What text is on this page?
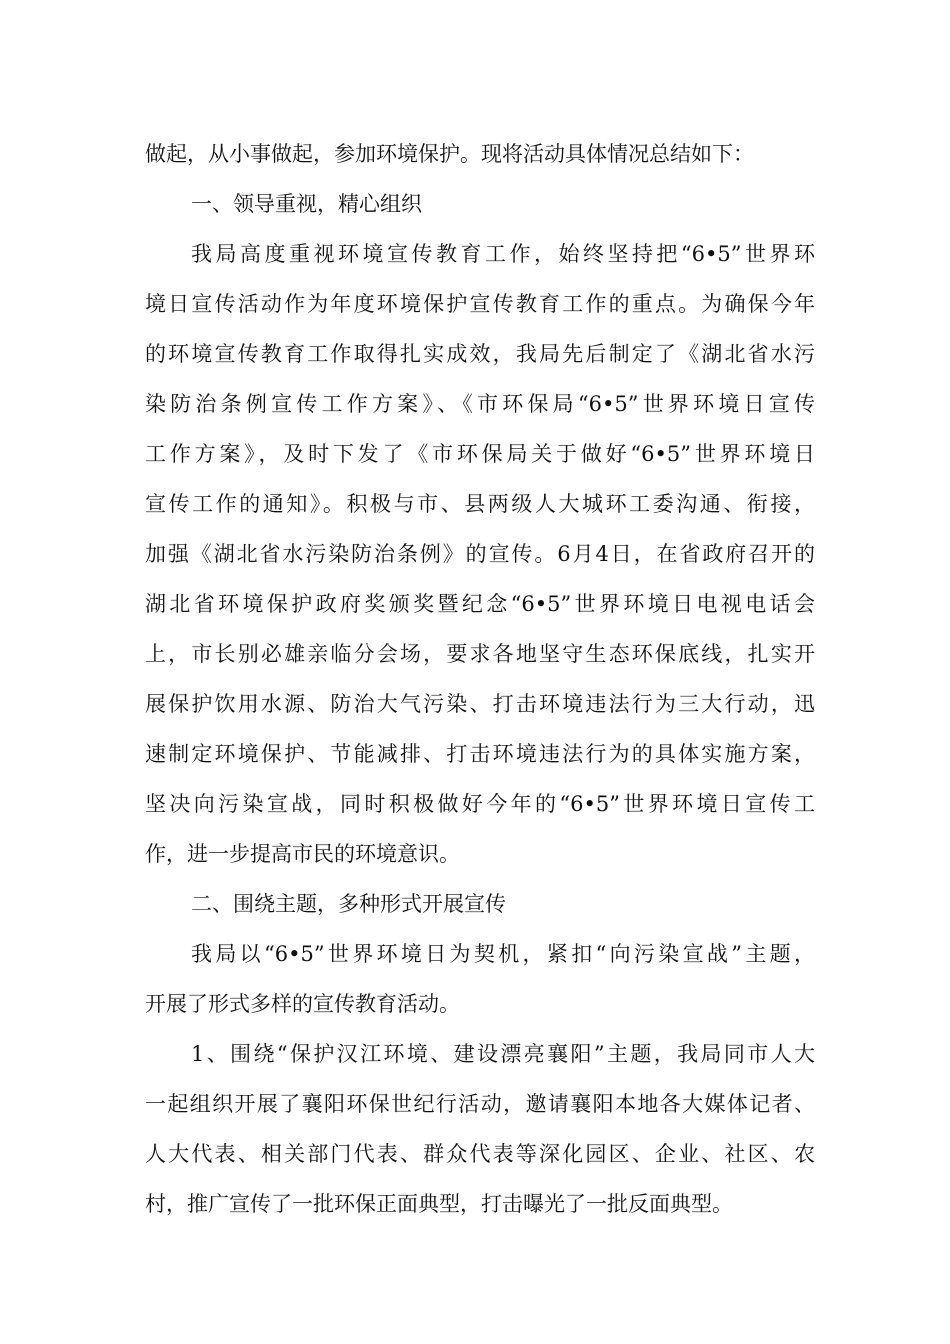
做起，从小事做起，参加环境保护。现将活动具体情况总结如下：
一、领导重视，精心组织
我局高度重视环境宣传教育工作，始终坚持把“6•5”世界环
境日宣传活动作为年度环境保护宣传教育工作的重点。为确保今年
的环境宣传教育工作取得扎实成效，我局先后制定了《湖北省水污
染防治条例宣传工作方案》、《市环保局“6•5”世界环境日宣传
工作方案》，及时下发了《市环保局关于做好“6•5”世界环境日
宣传工作的通知》。积极与市、县两级人大城环工委沟通、衔接，
加强《湖北省水污染防治条例》的宣传。6月4日，在省政府召开的
湖北省环境保护政府奖颁奖暨纪念“6•5”世界环境日电视电话会
上，市长别必雄亲临分会场，要求各地坚守生态环保底线，扎实开
展保护饮用水源、防治大气污染、打击环境违法行为三大行动，迅
速制定环境保护、节能减排、打击环境违法行为的具体实施方案，
坚决向污染宣战，同时积极做好今年的“6•5”世界环境日宣传工
作，进一步提高市民的环境意识。
二、围绕主题，多种形式开展宣传
我局以“6•5”世界环境日为契机，紧扣“向污染宣战”主题，
开展了形式多样的宣传教育活动。
1、围绕“保护汉江环境、建设漂亮襄阳”主题，我局同市人大
一起组织开展了襄阳环保世纪行活动，邀请襄阳本地各大媒体记者、
人大代表、相关部门代表、群众代表等深化园区、企业、社区、农
村，推广宣传了一批环保正面典型，打击曝光了一批反面典型。
